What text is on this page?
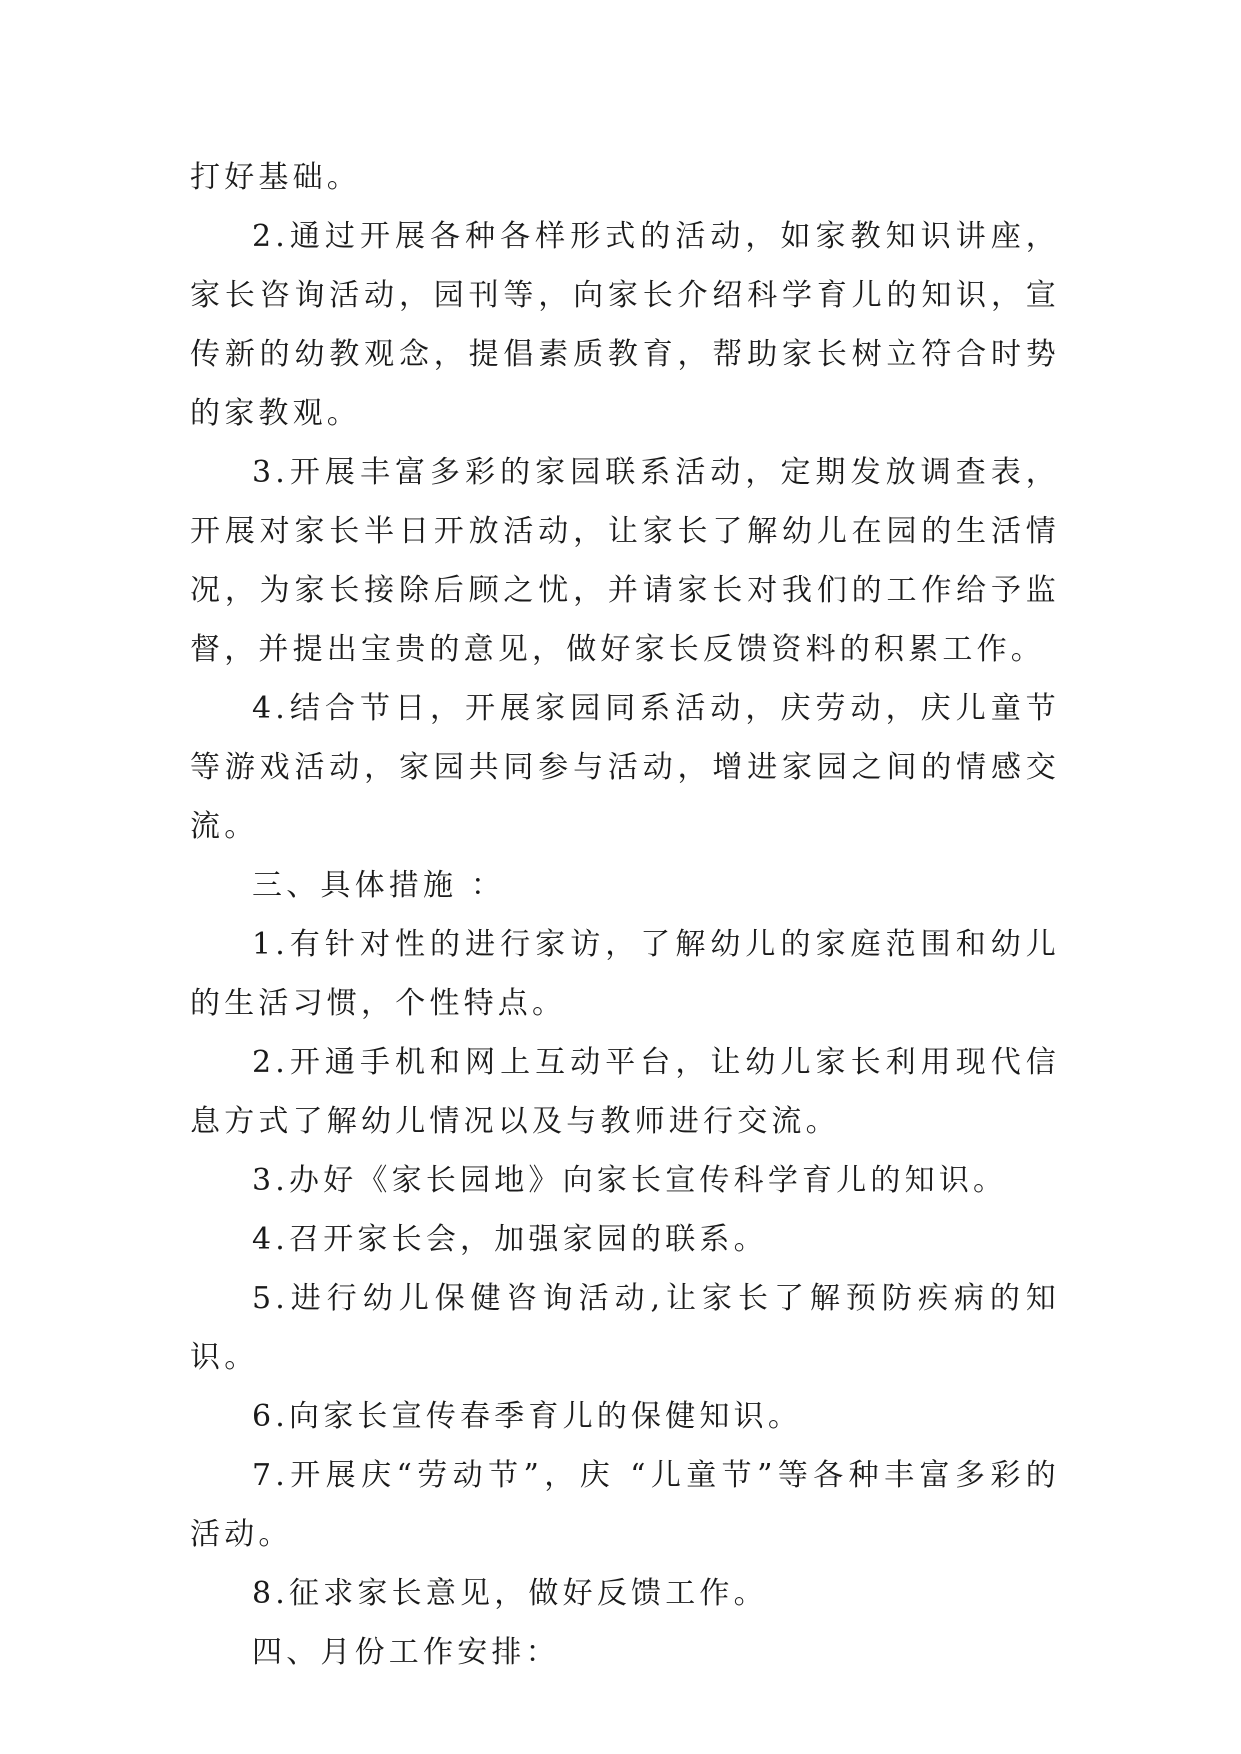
打好基础。

2.通过开展各种各样形式的活动，如家教知识讲座，家长咨询活动，园刊等，向家长介绍科学育儿的知识，宣传新的幼教观念，提倡素质教育，帮助家长树立符合时势的家教观。

3.开展丰富多彩的家园联系活动，定期发放调查表，开展对家长半日开放活动，让家长了解幼儿在园的生活情况，为家长接除后顾之忧，并请家长对我们的工作给予监督，并提出宝贵的意见，做好家长反馈资料的积累工作。

4.结合节日，开展家园同系活动，庆劳动，庆儿童节等游戏活动，家园共同参与活动，增进家园之间的情感交流。

三、具体措施 ：

1.有针对性的进行家访，了解幼儿的家庭范围和幼儿的生活习惯，个性特点。

2.开通手机和网上互动平台，让幼儿家长利用现代信息方式了解幼儿情况以及与教师进行交流。

3.办好《家长园地》向家长宣传科学育儿的知识。

4.召开家长会，加强家园的联系。

5.进行幼儿保健咨询活动,让家长了解预防疾病的知识。

6.向家长宣传春季育儿的保健知识。

7.开展庆“劳动节”，庆 “儿童节”等各种丰富多彩的活动。

8.征求家长意见，做好反馈工作。

四、月份工作安排：
